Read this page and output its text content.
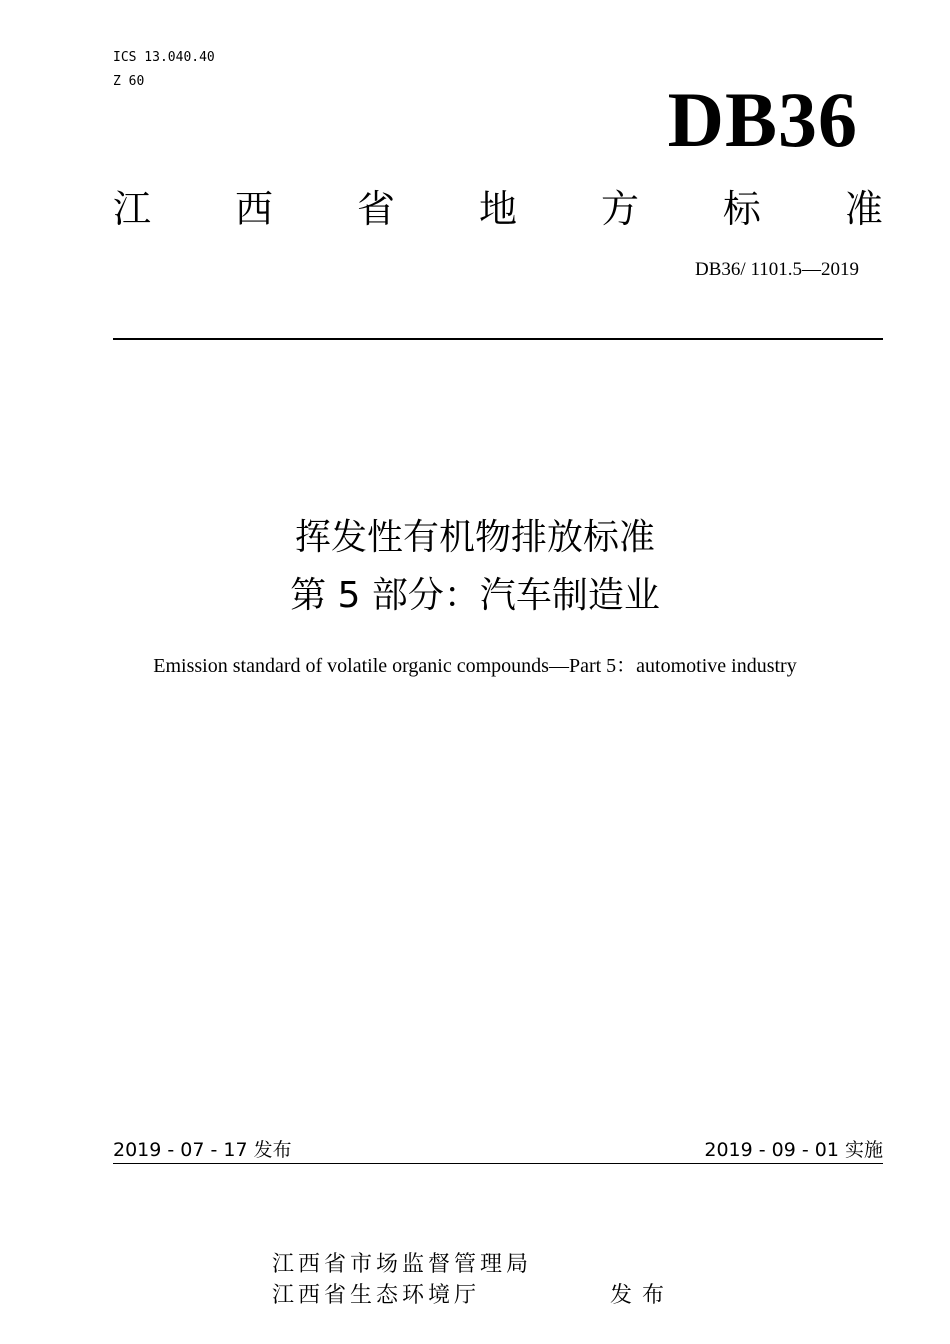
ICS 13.040.40
Z 60	DB36
江 西 省 地 方 标 准
DB36/ 1101.5—2019
挥发性有机物排放标准
第 5 部分：汽车制造业
Emission standard of volatile organic compounds—Part 5：automotive industry
2019 - 07 - 17 发布	2019 - 09 - 01 实施
江西省市场监督管理局
江西省生态环境厅	发布
